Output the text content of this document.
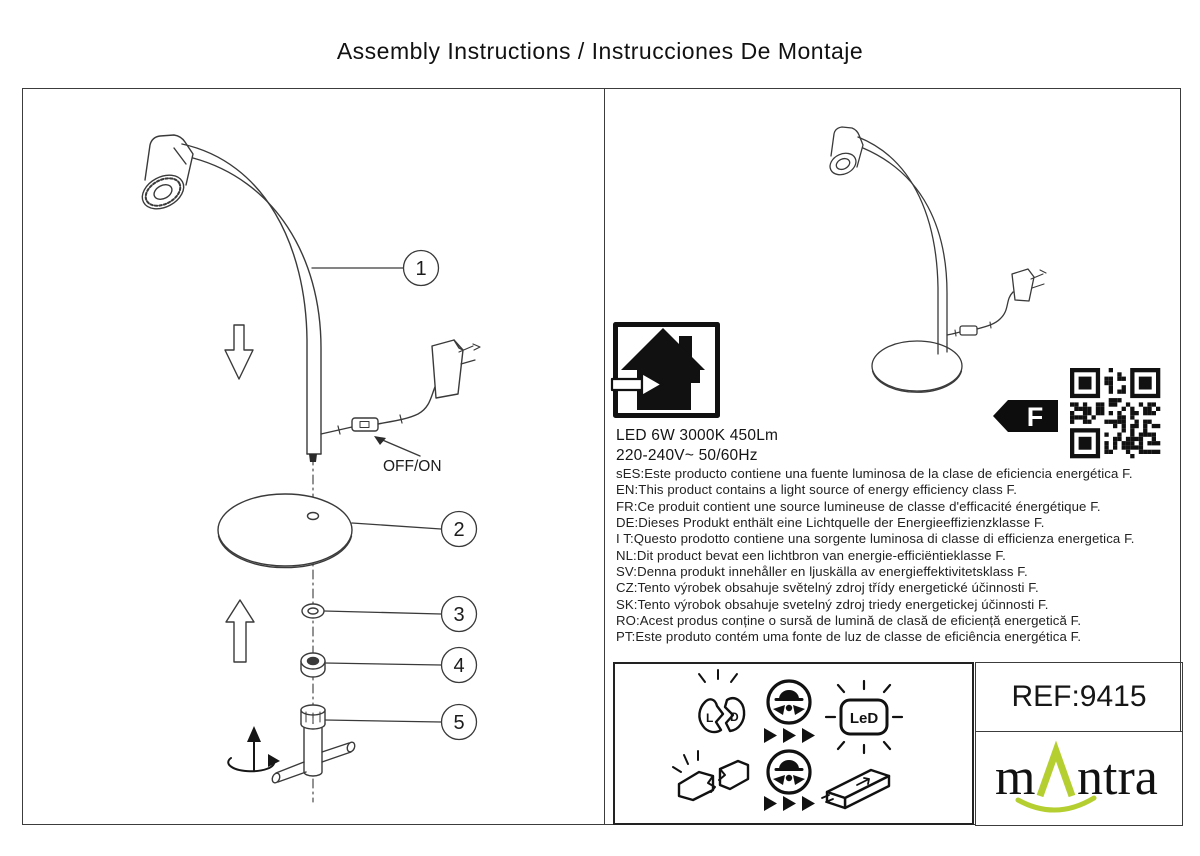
Assembly Instructions / Instrucciones De Montaje
OFF/ON
1
2
3
4
5
F
LED 6W 3000K 450Lm
220-240V~ 50/60Hz
sES:Este producto contiene una fuente luminosa de la clase de eficiencia energética F.
EN:This product contains a light source of energy efficiency class F.
FR:Ce produit contient une source lumineuse de classe d'efficacité énergétique F.
DE:Dieses Produkt enthält eine Lichtquelle der Energieeffizienzklasse F.
I T:Questo prodotto contiene una sorgente luminosa di classe di efficienza energetica F.
NL:Dit product bevat een lichtbron van energie-efficiëntieklasse F.
SV:Denna produkt innehåller en ljuskälla av energieffektivitetsklass F.
CZ:Tento výrobek obsahuje světelný zdroj třídy energetické účinnosti F.
SK:Tento výrobok obsahuje svetelný zdroj triedy energetickej účinnosti F.
RO:Acest produs conține o sursă de lumină de clasă de eficiență energetică F.
PT:Este produto contém uma fonte de luz de classe de eficiência energética F.
L D	LeD
REF:9415
m ntra
